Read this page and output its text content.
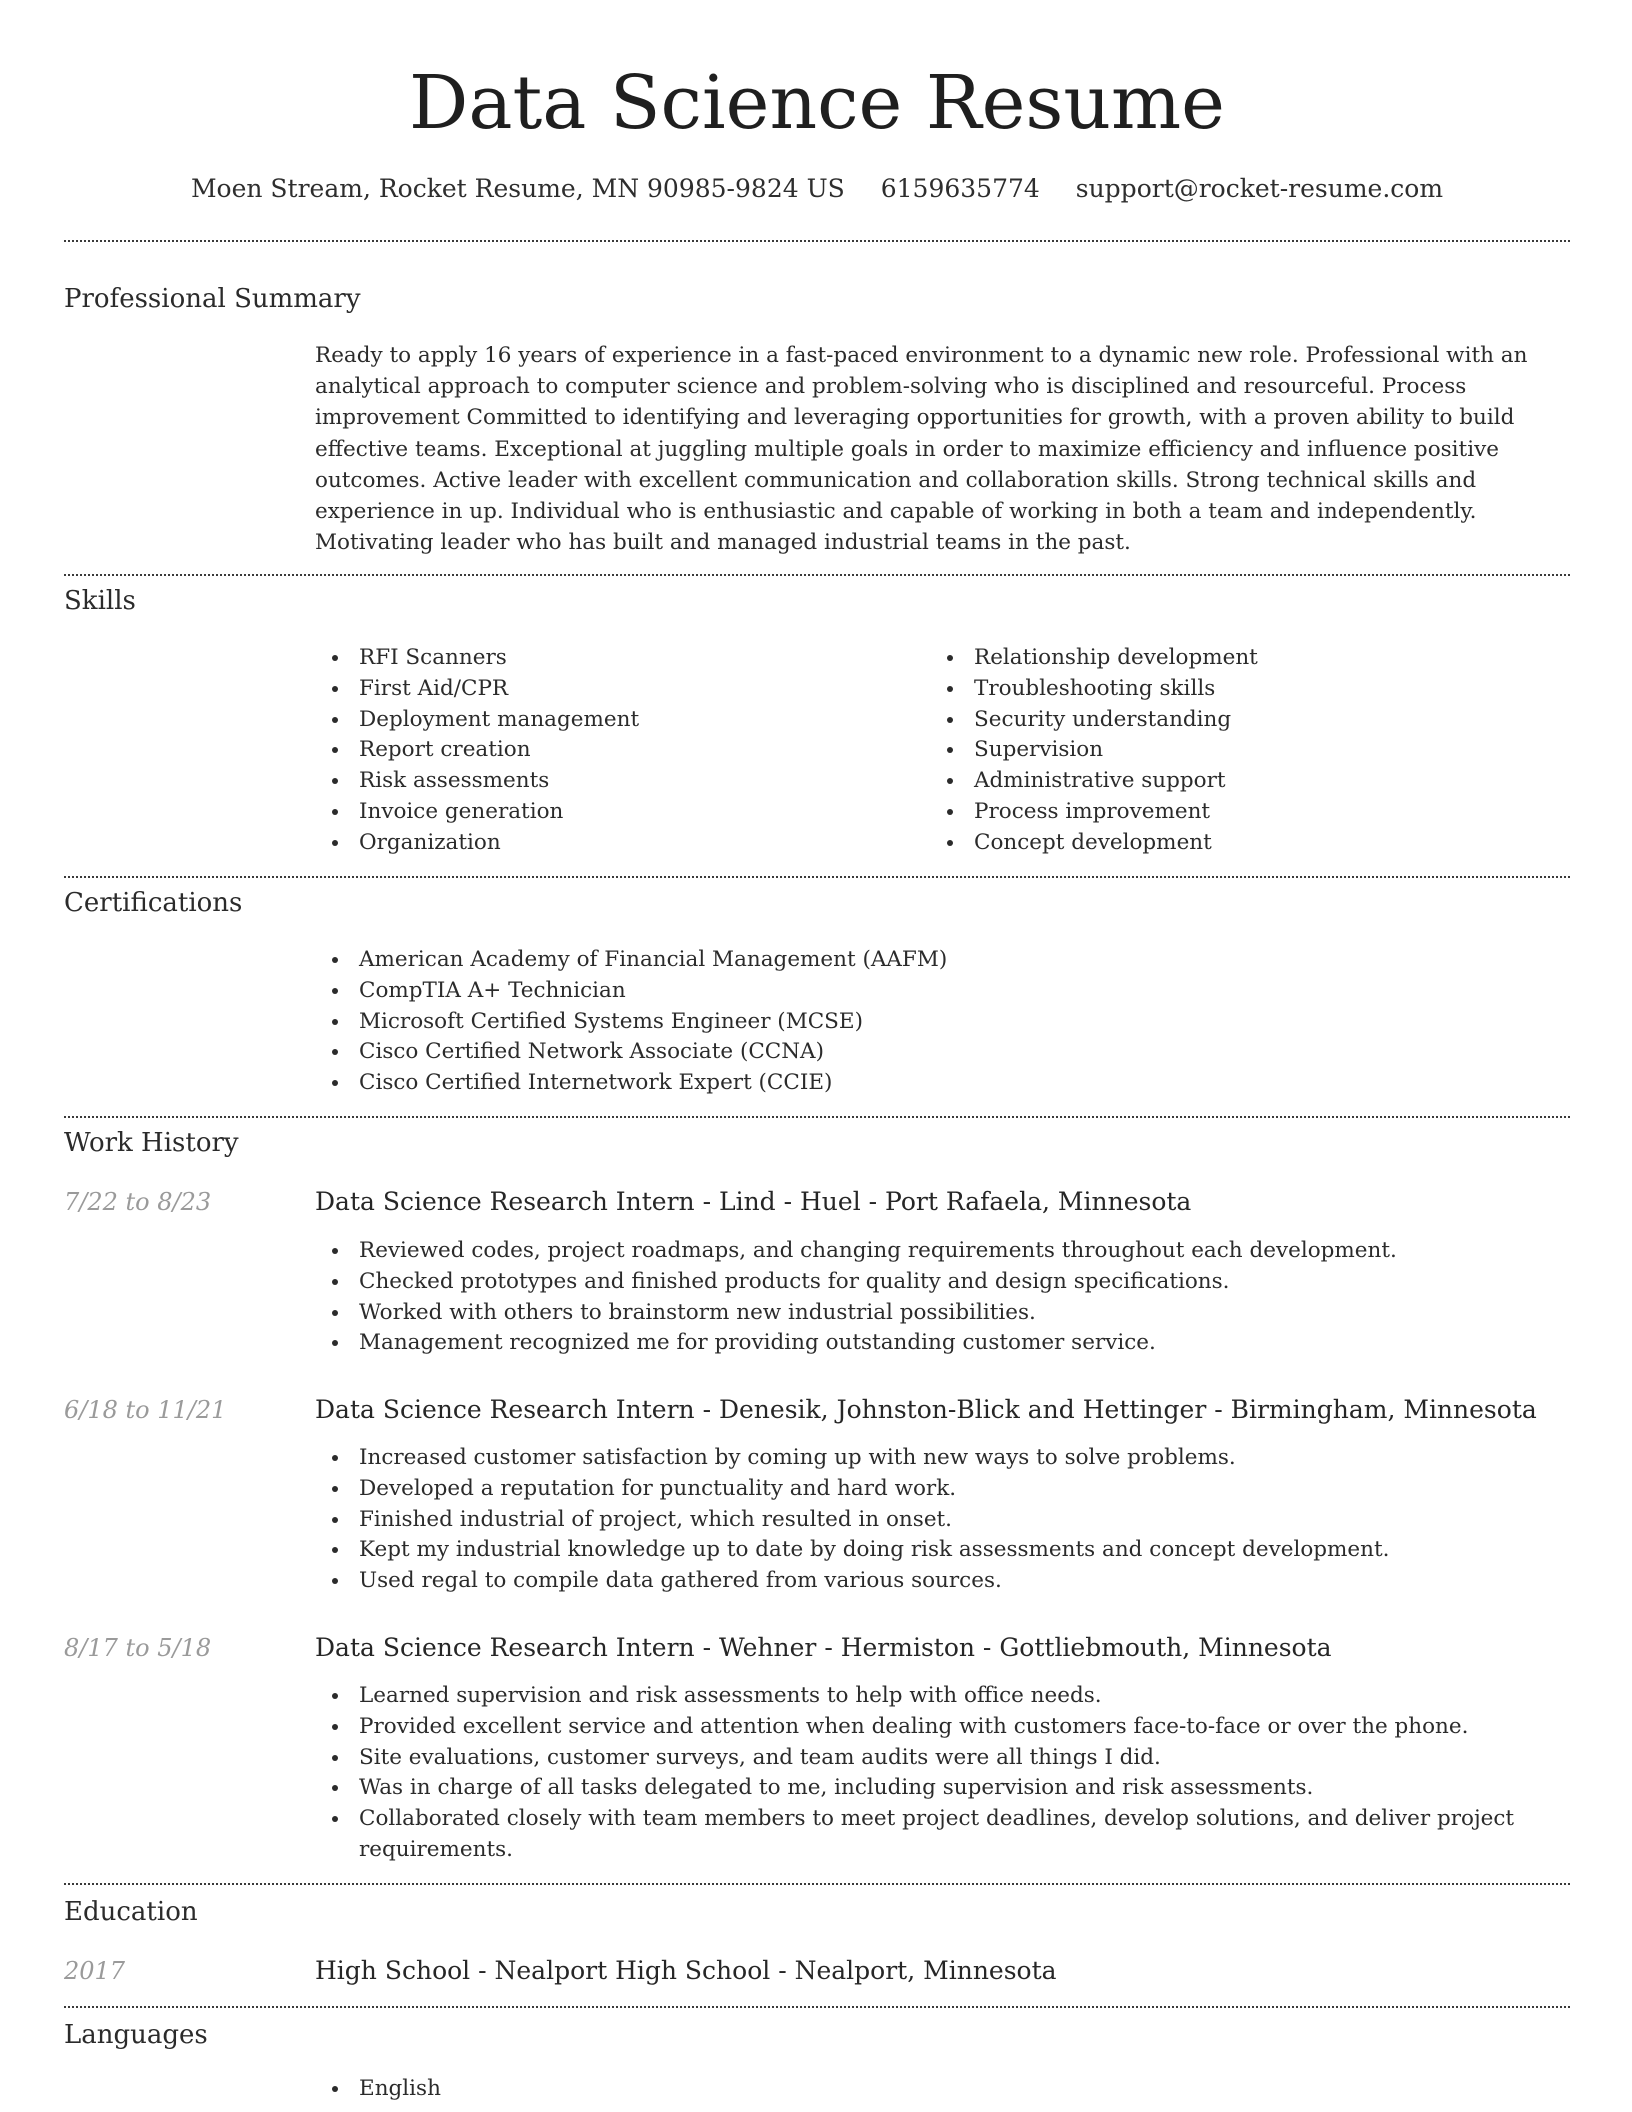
Data Science Resume
Moen Stream, Rocket Resume, MN 90985-9824 US 6159635774 support@rocket-resume.com
Professional Summary
Ready to apply 16 years of experience in a fast-paced environment to a dynamic new role. Professional with an analytical approach to computer science and problem-solving who is disciplined and resourceful. Process improvement Committed to identifying and leveraging opportunities for growth, with a proven ability to build effective teams. Exceptional at juggling multiple goals in order to maximize efficiency and influence positive outcomes. Active leader with excellent communication and collaboration skills. Strong technical skills and experience in up. Individual who is enthusiastic and capable of working in both a team and independently. Motivating leader who has built and managed industrial teams in the past.
Skills
RFI Scanners
First Aid/CPR
Deployment management
Report creation
Risk assessments
Invoice generation
Organization
Relationship development
Troubleshooting skills
Security understanding
Supervision
Administrative support
Process improvement
Concept development
Certifications
American Academy of Financial Management (AAFM)
CompTIA A+ Technician
Microsoft Certified Systems Engineer (MCSE)
Cisco Certified Network Associate (CCNA)
Cisco Certified Internetwork Expert (CCIE)
Work History
7/22 to 8/23	Data Science Research Intern - Lind - Huel - Port Rafaela, Minnesota
Reviewed codes, project roadmaps, and changing requirements throughout each development.
Checked prototypes and finished products for quality and design specifications.
Worked with others to brainstorm new industrial possibilities.
Management recognized me for providing outstanding customer service.
6/18 to 11/21	Data Science Research Intern - Denesik, Johnston-Blick and Hettinger - Birmingham, Minnesota
Increased customer satisfaction by coming up with new ways to solve problems.
Developed a reputation for punctuality and hard work.
Finished industrial of project, which resulted in onset.
Kept my industrial knowledge up to date by doing risk assessments and concept development.
Used regal to compile data gathered from various sources.
8/17 to 5/18	Data Science Research Intern - Wehner - Hermiston - Gottliebmouth, Minnesota
Learned supervision and risk assessments to help with office needs.
Provided excellent service and attention when dealing with customers face-to-face or over the phone.
Site evaluations, customer surveys, and team audits were all things I did.
Was in charge of all tasks delegated to me, including supervision and risk assessments.
Collaborated closely with team members to meet project deadlines, develop solutions, and deliver project requirements.
Education
2017	High School - Nealport High School - Nealport, Minnesota
Languages
English
